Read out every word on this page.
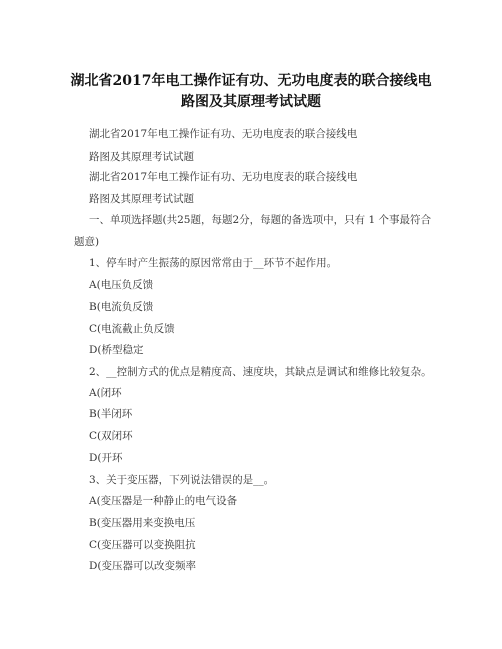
湖北省2017年电工操作证有功、无功电度表的联合接线电
路图及其原理考试试题
湖北省2017年电工操作证有功、无功电度表的联合接线电
路图及其原理考试试题
湖北省2017年电工操作证有功、无功电度表的联合接线电
路图及其原理考试试题
一、单项选择题(共25题，每题2分，每题的备选项中，只有 1 个事最符合
题意)
1、停车时产生振荡的原因常常由于__环节不起作用。
A(电压负反馈
B(电流负反馈
C(电流截止负反馈
D(桥型稳定
2、__控制方式的优点是精度高、速度块，其缺点是调试和维修比较复杂。
A(闭环
B(半闭环
C(双闭环
D(开环
3、关于变压器，下列说法错误的是__。
A(变压器是一种静止的电气设备
B(变压器用来变换电压
C(变压器可以变换阻抗
D(变压器可以改变频率
